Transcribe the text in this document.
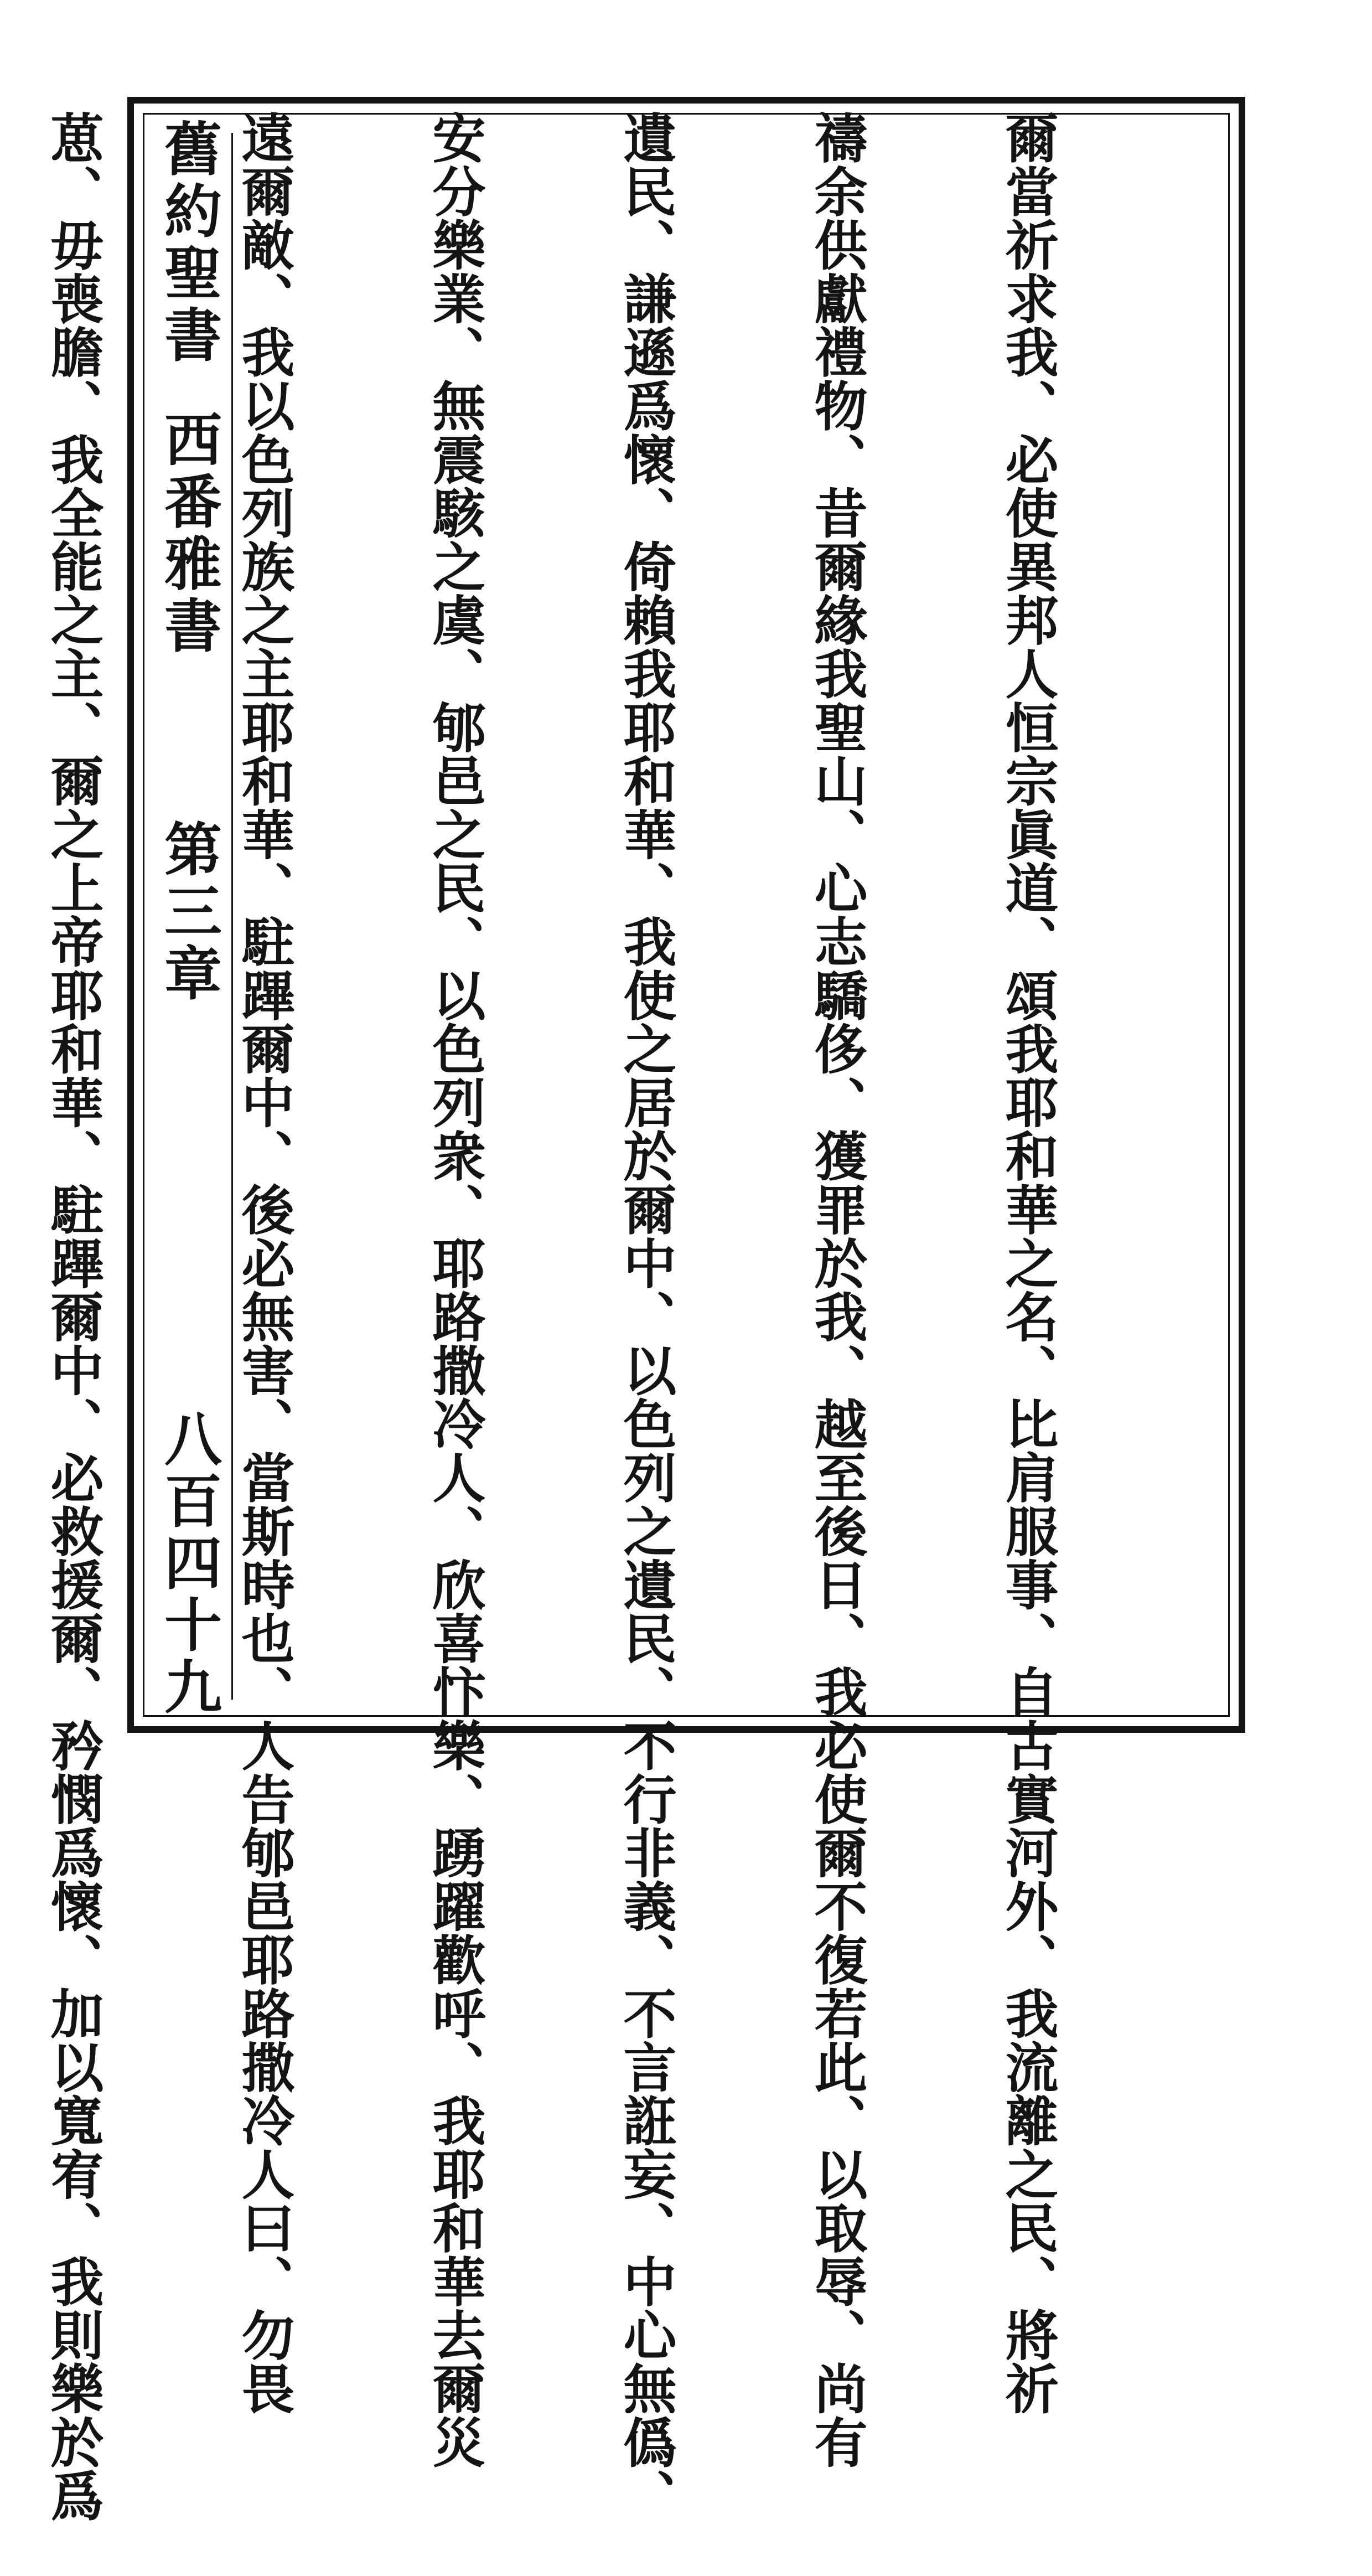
舊約聖書
西番雅書
第三章
八百四十九

	爾當祈求我、必使異邦人恒宗眞道、頌我耶和華之名、比肩服事、自古實河外、我流離之民、將祈

禱余供獻禮物、昔爾緣我聖山、心志驕侈、獲罪於我、越至後日、我必使爾不復若此、以取辱、尚有

遺民、謙遜爲懷、倚賴我耶和華、我使之居於爾中、以色列之遺民、不行非義、不言誑妄、中心無僞、

安分樂業、無震駭之虞、郇邑之民、以色列衆、耶路撒冷人、欣喜忭樂、踴躍歡呼、我耶和華去爾災

遠爾敵、我以色列族之主耶和華、駐蹕爾中、後必無害、當斯時也、人告郇邑耶路撒冷人曰、勿畏

葸、毋喪膽、我全能之主、爾之上帝耶和華、駐蹕爾中、必救援爾、矜憫爲懷、加以寬宥、我則樂於爲
